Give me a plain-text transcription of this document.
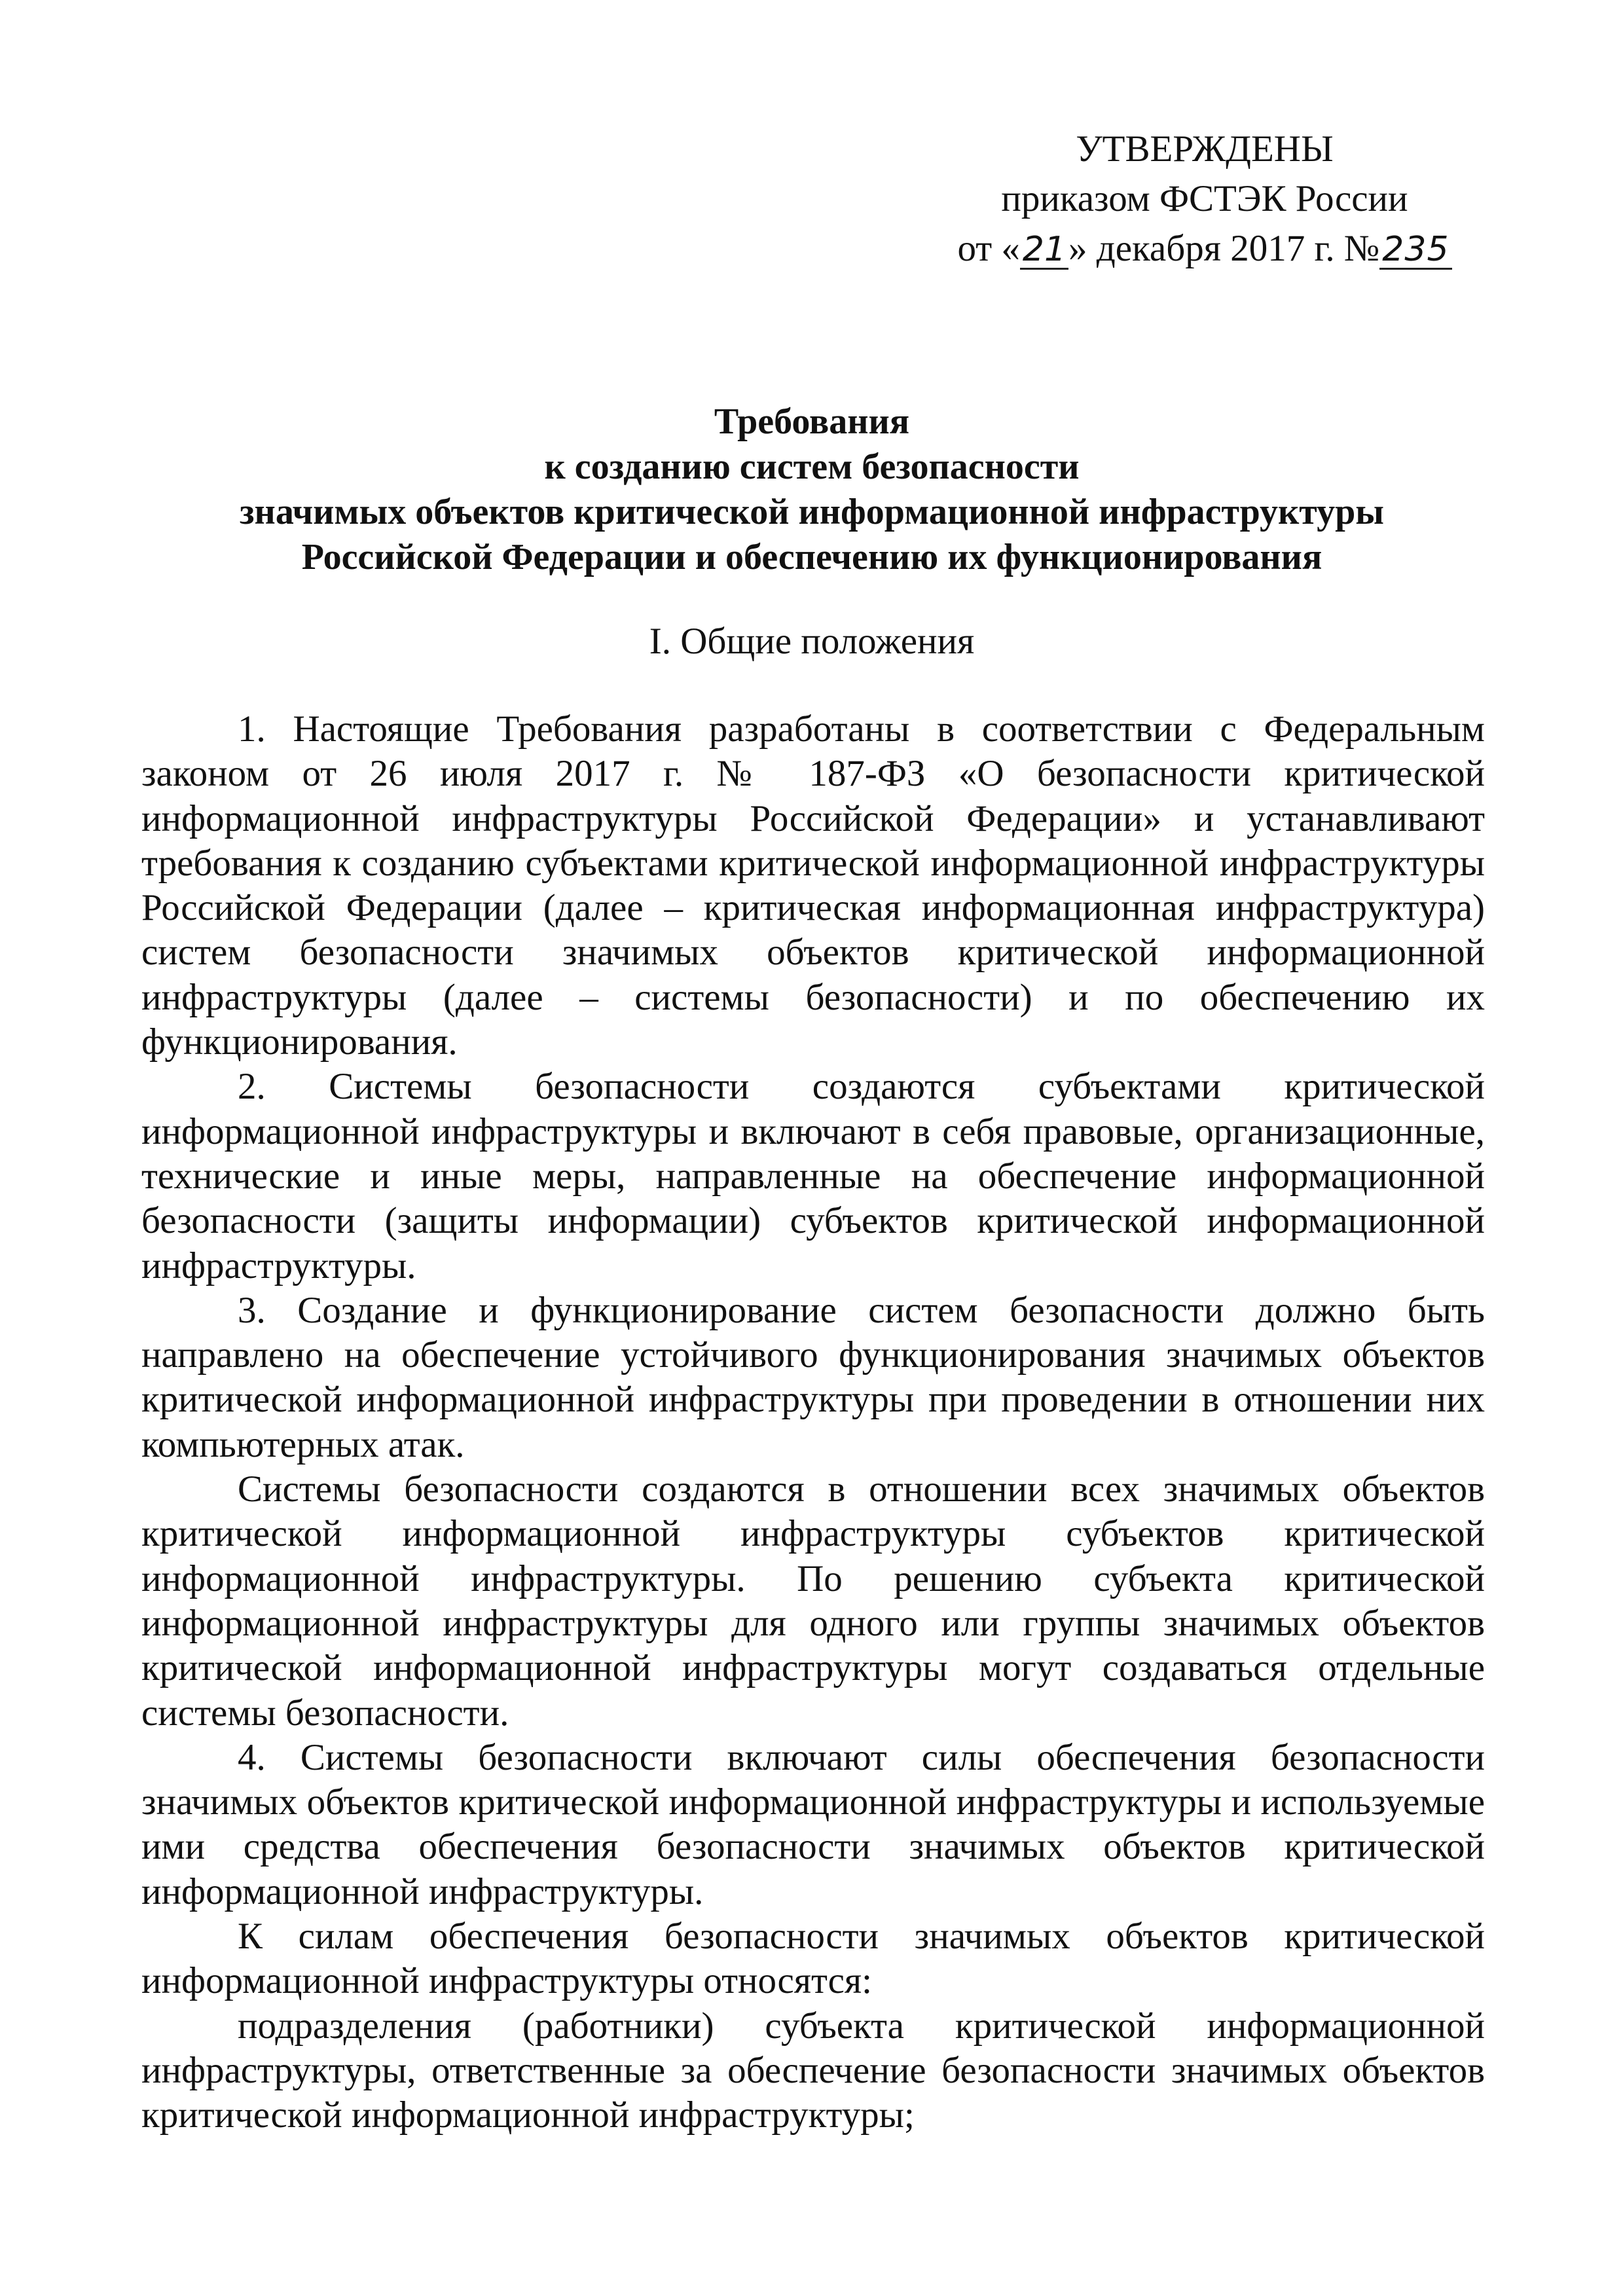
УТВЕРЖДЕНЫ
приказом ФСТЭК России
от «21» декабря 2017 г. №235
Требования
к созданию систем безопасности
значимых объектов критической информационной инфраструктуры
Российской Федерации и обеспечению их функционирования
I. Общие положения

1. Настоящие Требования разработаны в соответствии с Федеральным законом от 26 июля 2017 г. № 187-ФЗ «О безопасности критической информационной инфраструктуры Российской Федерации» и устанавливают требования к созданию субъектами критической информационной инфраструктуры Российской Федерации (далее – критическая информационная инфраструктура) систем безопасности значимых объектов критической информационной инфраструктуры (далее – системы безопасности) и по обеспечению их функционирования.

2. Системы безопасности создаются субъектами критической информационной инфраструктуры и включают в себя правовые, организационные, технические и иные меры, направленные на обеспечение информационной безопасности (защиты информации) субъектов критической информационной инфраструктуры.

3. Создание и функционирование систем безопасности должно быть направлено на обеспечение устойчивого функционирования значимых объектов критической информационной инфраструктуры при проведении в отношении них компьютерных атак.

Системы безопасности создаются в отношении всех значимых объектов критической информационной инфраструктуры субъектов критической информационной инфраструктуры. По решению субъекта критической информационной инфраструктуры для одного или группы значимых объектов критической информационной инфраструктуры могут создаваться отдельные системы безопасности.

4. Системы безопасности включают силы обеспечения безопасности значимых объектов критической информационной инфраструктуры и используемые ими средства обеспечения безопасности значимых объектов критической информационной инфраструктуры.

К силам обеспечения безопасности значимых объектов критической информационной инфраструктуры относятся:

подразделения (работники) субъекта критической информационной инфраструктуры, ответственные за обеспечение безопасности значимых объектов критической информационной инфраструктуры;
